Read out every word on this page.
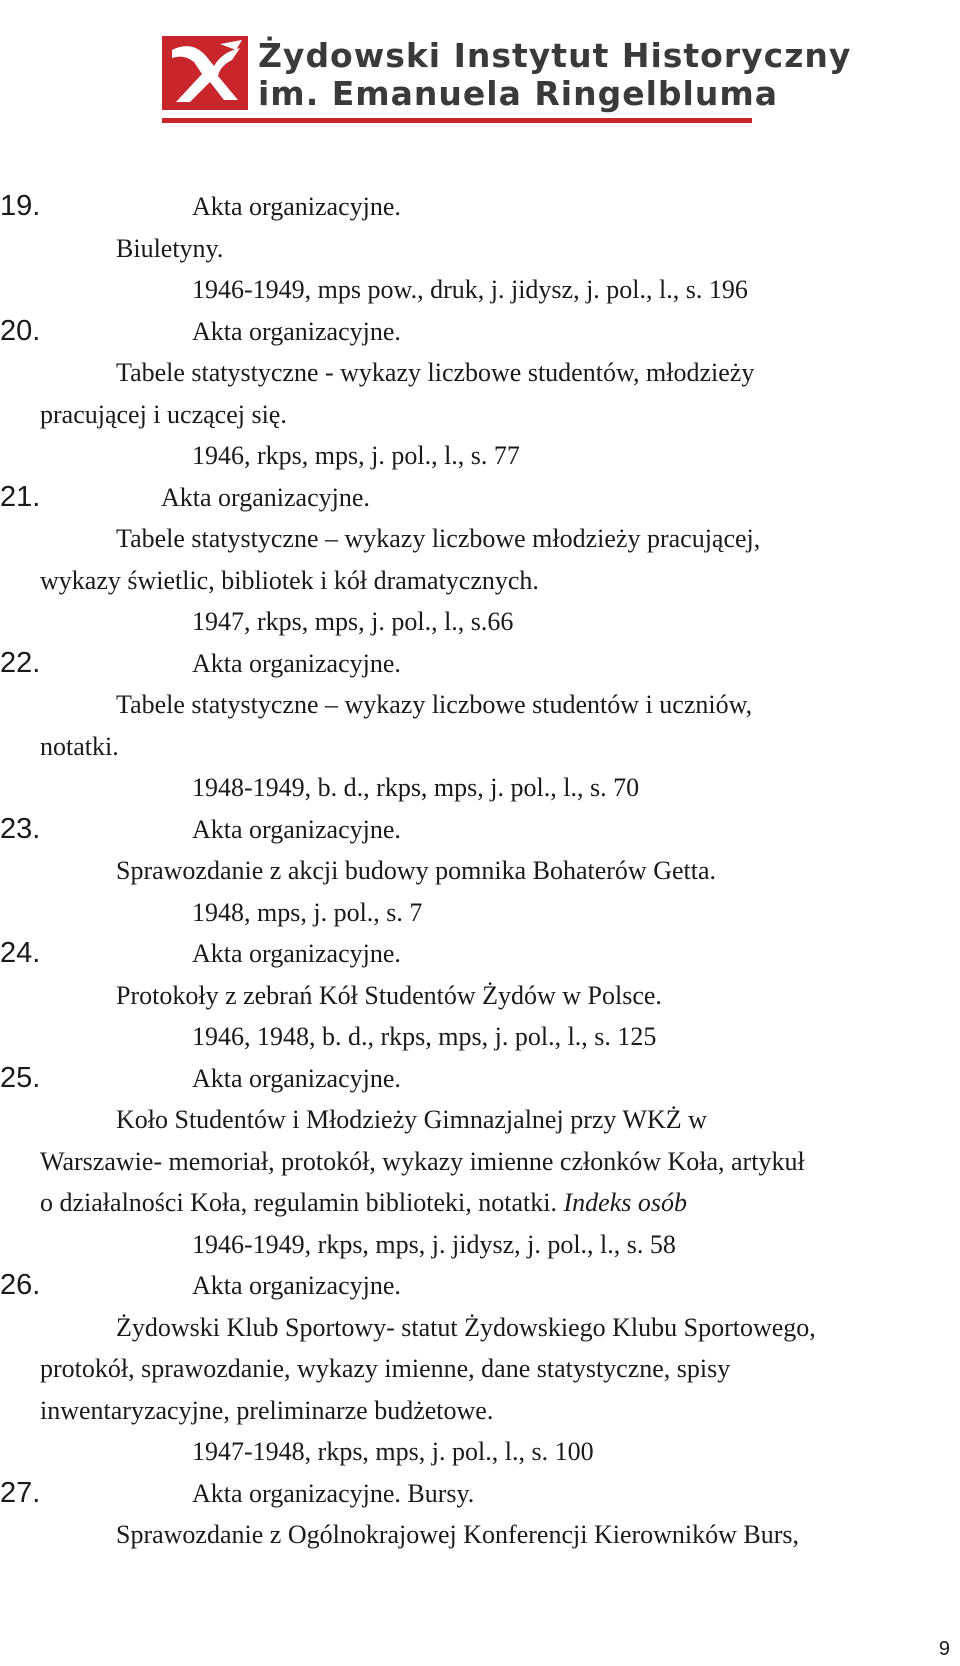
Żydowski Instytut Historyczny
im. Emanuela Ringelbluma
19.	Akta organizacyjne.
Biuletyny.
1946-1949, mps pow., druk, j. jidysz, j. pol., l., s. 196
20.	Akta organizacyjne.
Tabele statystyczne - wykazy liczbowe studentów, młodzieży
pracującej i uczącej się.
1946, rkps, mps, j. pol., l., s. 77
21.	Akta organizacyjne.
Tabele statystyczne – wykazy liczbowe młodzieży pracującej,
wykazy świetlic, bibliotek i kół dramatycznych.
1947, rkps, mps, j. pol., l., s.66
22.	Akta organizacyjne.
Tabele statystyczne – wykazy liczbowe studentów i uczniów,
notatki.
1948-1949, b. d., rkps, mps, j. pol., l., s. 70
23.	Akta organizacyjne.
Sprawozdanie z akcji budowy pomnika Bohaterów Getta.
1948, mps, j. pol., s. 7
24.	Akta organizacyjne.
Protokoły z zebrań Kół Studentów Żydów w Polsce.
1946, 1948, b. d., rkps, mps, j. pol., l., s. 125
25.	Akta organizacyjne.
Koło Studentów i Młodzieży Gimnazjalnej przy WKŻ w
Warszawie- memoriał, protokół, wykazy imienne członków Koła, artykuł
o działalności Koła, regulamin biblioteki, notatki. Indeks osób
1946-1949, rkps, mps, j. jidysz, j. pol., l., s. 58
26.	Akta organizacyjne.
Żydowski Klub Sportowy- statut Żydowskiego Klubu Sportowego,
protokół, sprawozdanie, wykazy imienne, dane statystyczne, spisy
inwentaryzacyjne, preliminarze budżetowe.
1947-1948, rkps, mps, j. pol., l., s. 100
27.	Akta organizacyjne. Bursy.
Sprawozdanie z Ogólnokrajowej Konferencji Kierowników Burs,
9
